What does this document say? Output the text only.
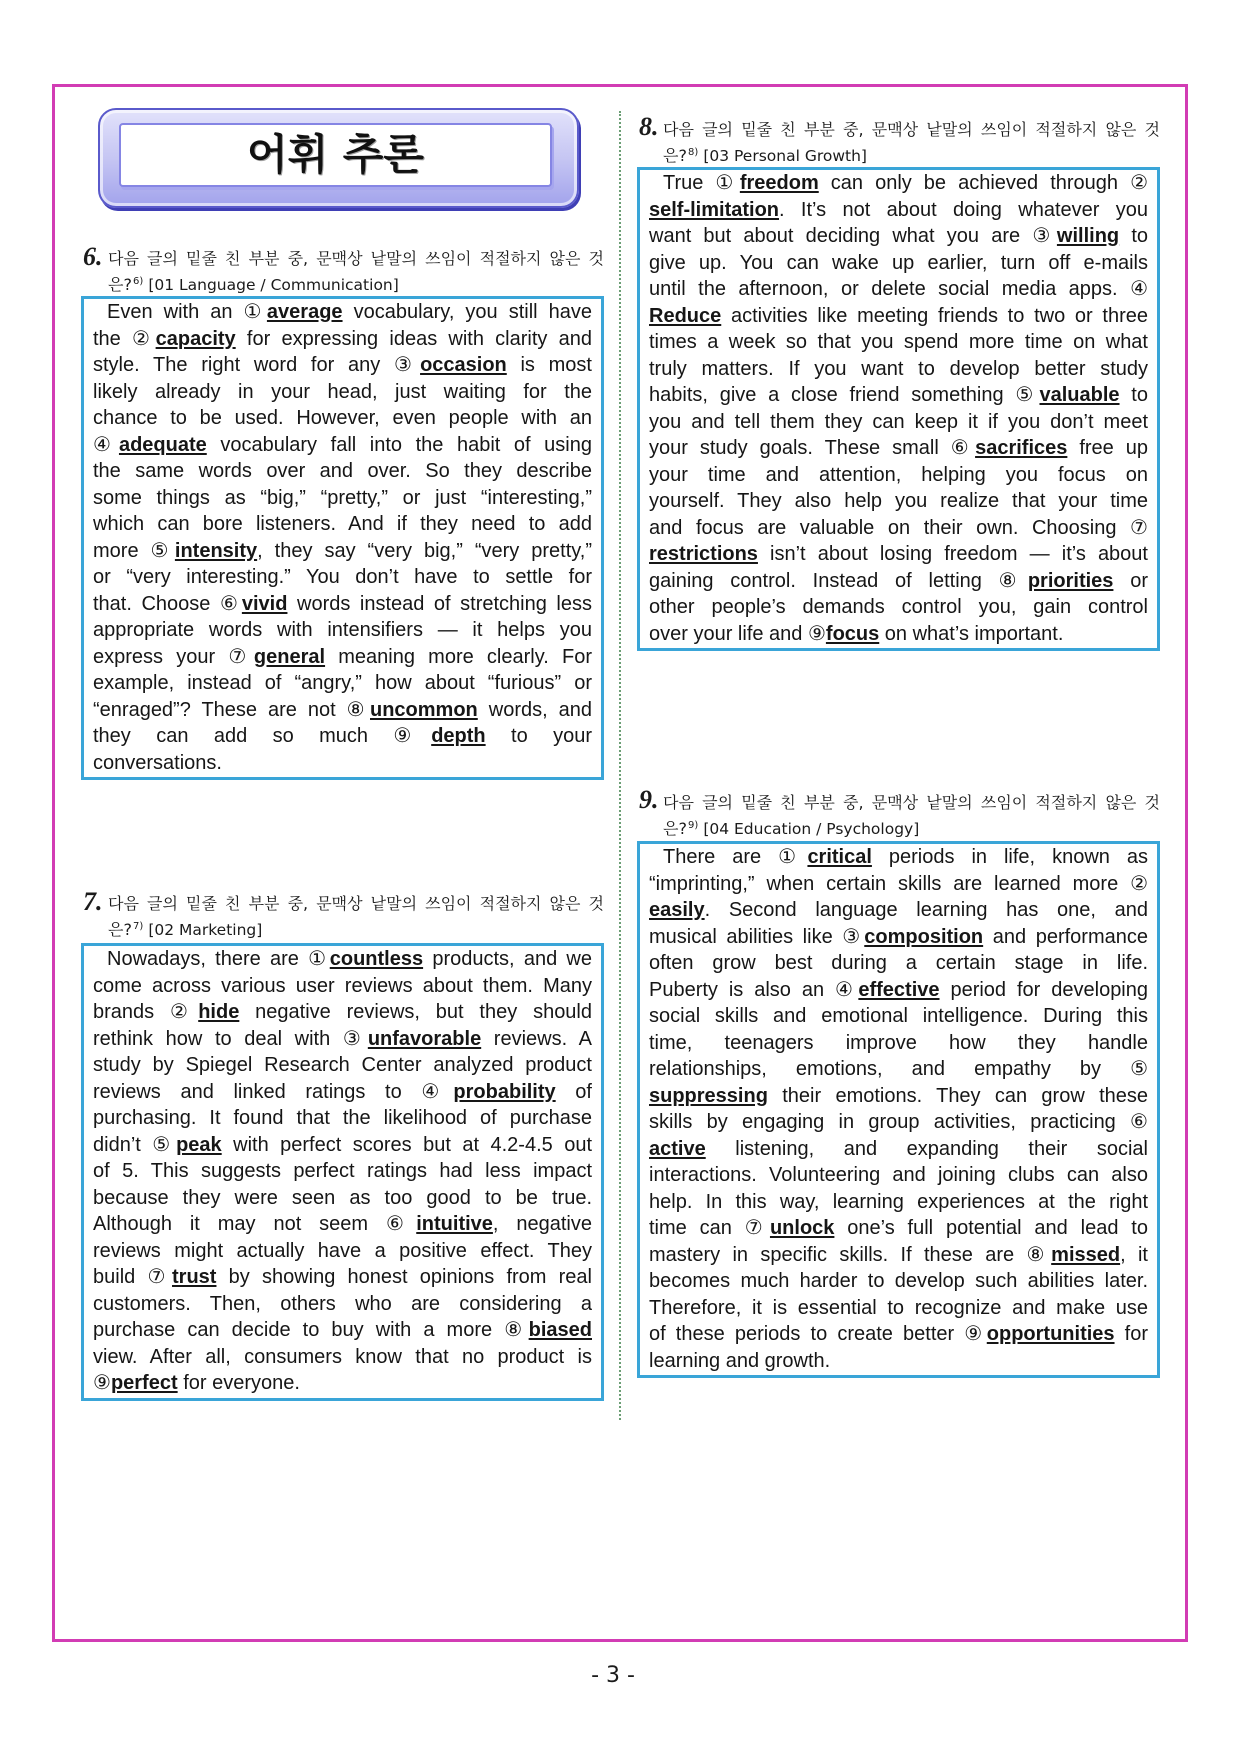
어휘 추론
6. 다음 글의 밑줄 친 부분 중, 문맥상 낱말의 쓰임이 적절하지 않은 것
은?$^{6)}$ [01 Language / Communication]
Even with an ①average vocabulary, you still have
the ②capacity for expressing ideas with clarity and
style. The right word for any ③occasion is most
likely already in your head, just waiting for the
chance to be used. However, even people with an
④adequate vocabulary fall into the habit of using
the same words over and over. So they describe
some things as “big,” “pretty,” or just “interesting,”
which can bore listeners. And if they need to add
more ⑤intensity, they say “very big,” “very pretty,”
or “very interesting.” You don’t have to settle for
that. Choose ⑥vivid words instead of stretching less
appropriate words with intensifiers — it helps you
express your ⑦general meaning more clearly. For
example, instead of “angry,” how about “furious” or
“enraged”? These are not ⑧uncommon words, and
they can add so much ⑨depth to your
conversations.
7. 다음 글의 밑줄 친 부분 중, 문맥상 낱말의 쓰임이 적절하지 않은 것
은?$^{7)}$ [02 Marketing]
Nowadays, there are ①countless products, and we
come across various user reviews about them. Many
brands ②hide negative reviews, but they should
rethink how to deal with ③unfavorable reviews. A
study by Spiegel Research Center analyzed product
reviews and linked ratings to ④probability of
purchasing. It found that the likelihood of purchase
didn’t ⑤peak with perfect scores but at 4.2-4.5 out
of 5. This suggests perfect ratings had less impact
because they were seen as too good to be true.
Although it may not seem ⑥intuitive, negative
reviews might actually have a positive effect. They
build ⑦trust by showing honest opinions from real
customers. Then, others who are considering a
purchase can decide to buy with a more ⑧biased
view. After all, consumers know that no product is
⑨perfect for everyone.
8. 다음 글의 밑줄 친 부분 중, 문맥상 낱말의 쓰임이 적절하지 않은 것
은?$^{8)}$ [03 Personal Growth]
True ①freedom can only be achieved through ②
self-limitation. It’s not about doing whatever you
want but about deciding what you are ③willing to
give up. You can wake up earlier, turn off e-mails
until the afternoon, or delete social media apps. ④
Reduce activities like meeting friends to two or three
times a week so that you spend more time on what
truly matters. If you want to develop better study
habits, give a close friend something ⑤valuable to
you and tell them they can keep it if you don’t meet
your study goals. These small ⑥sacrifices free up
your time and attention, helping you focus on
yourself. They also help you realize that your time
and focus are valuable on their own. Choosing ⑦
restrictions isn’t about losing freedom — it’s about
gaining control. Instead of letting ⑧priorities or
other people’s demands control you, gain control
over your life and ⑨focus on what’s important.
9. 다음 글의 밑줄 친 부분 중, 문맥상 낱말의 쓰임이 적절하지 않은 것
은?$^{9)}$ [04 Education / Psychology]
There are ①critical periods in life, known as
“imprinting,” when certain skills are learned more ②
easily. Second language learning has one, and
musical abilities like ③composition and performance
often grow best during a certain stage in life.
Puberty is also an ④effective period for developing
social skills and emotional intelligence. During this
time, teenagers improve how they handle
relationships, emotions, and empathy by ⑤
suppressing their emotions. They can grow these
skills by engaging in group activities, practicing ⑥
active listening, and expanding their social
interactions. Volunteering and joining clubs can also
help. In this way, learning experiences at the right
time can ⑦unlock one’s full potential and lead to
mastery in specific skills. If these are ⑧missed, it
becomes much harder to develop such abilities later.
Therefore, it is essential to recognize and make use
of these periods to create better ⑨opportunities for
learning and growth.
- 3 -
